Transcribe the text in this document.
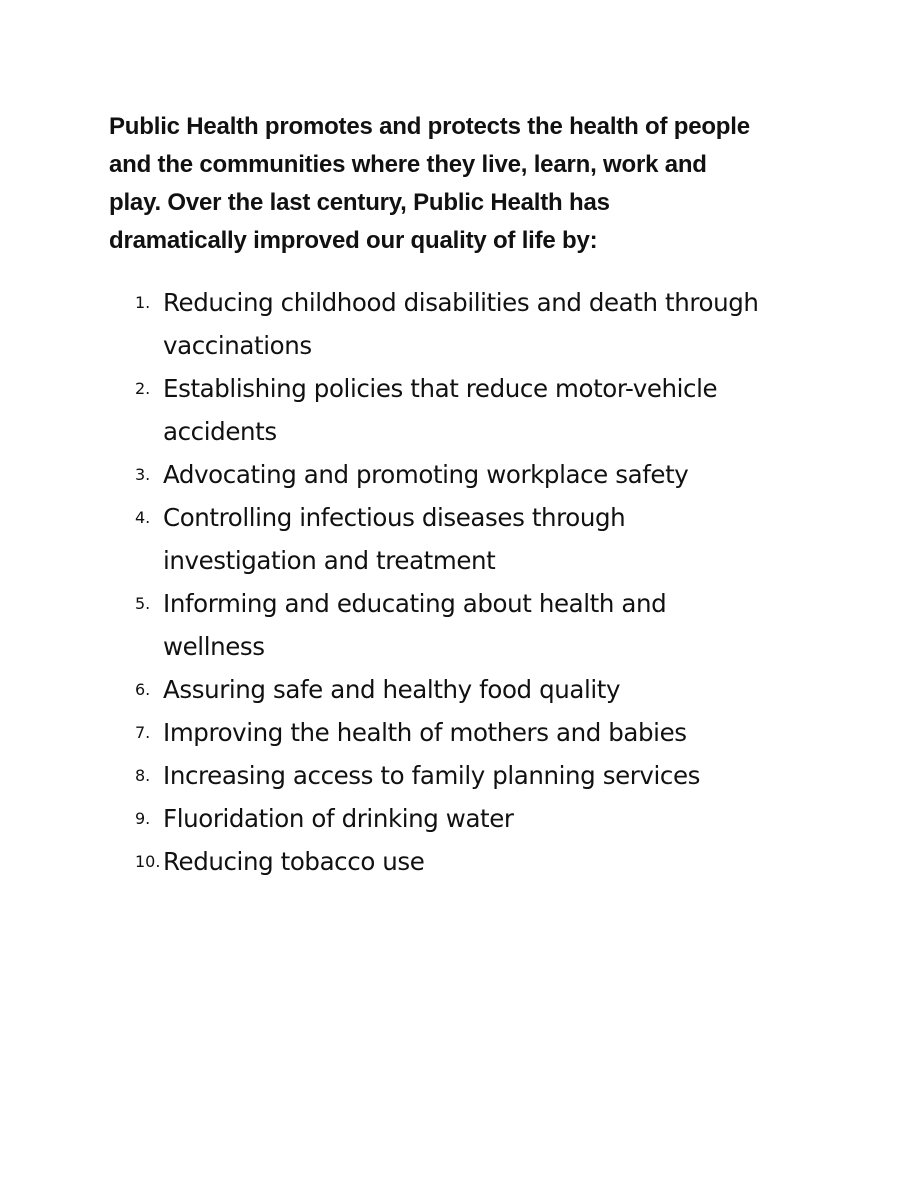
Public Health promotes and protects the health of people
and the communities where they live, learn, work and
play. Over the last century, Public Health has
dramatically improved our quality of life by:

1. Reducing childhood disabilities and death through
vaccinations
2. Establishing policies that reduce motor-vehicle
accidents
3. Advocating and promoting workplace safety
4. Controlling infectious diseases through
investigation and treatment
5. Informing and educating about health and
wellness
6. Assuring safe and healthy food quality
7. Improving the health of mothers and babies
8. Increasing access to family planning services
9. Fluoridation of drinking water
10. Reducing tobacco use
